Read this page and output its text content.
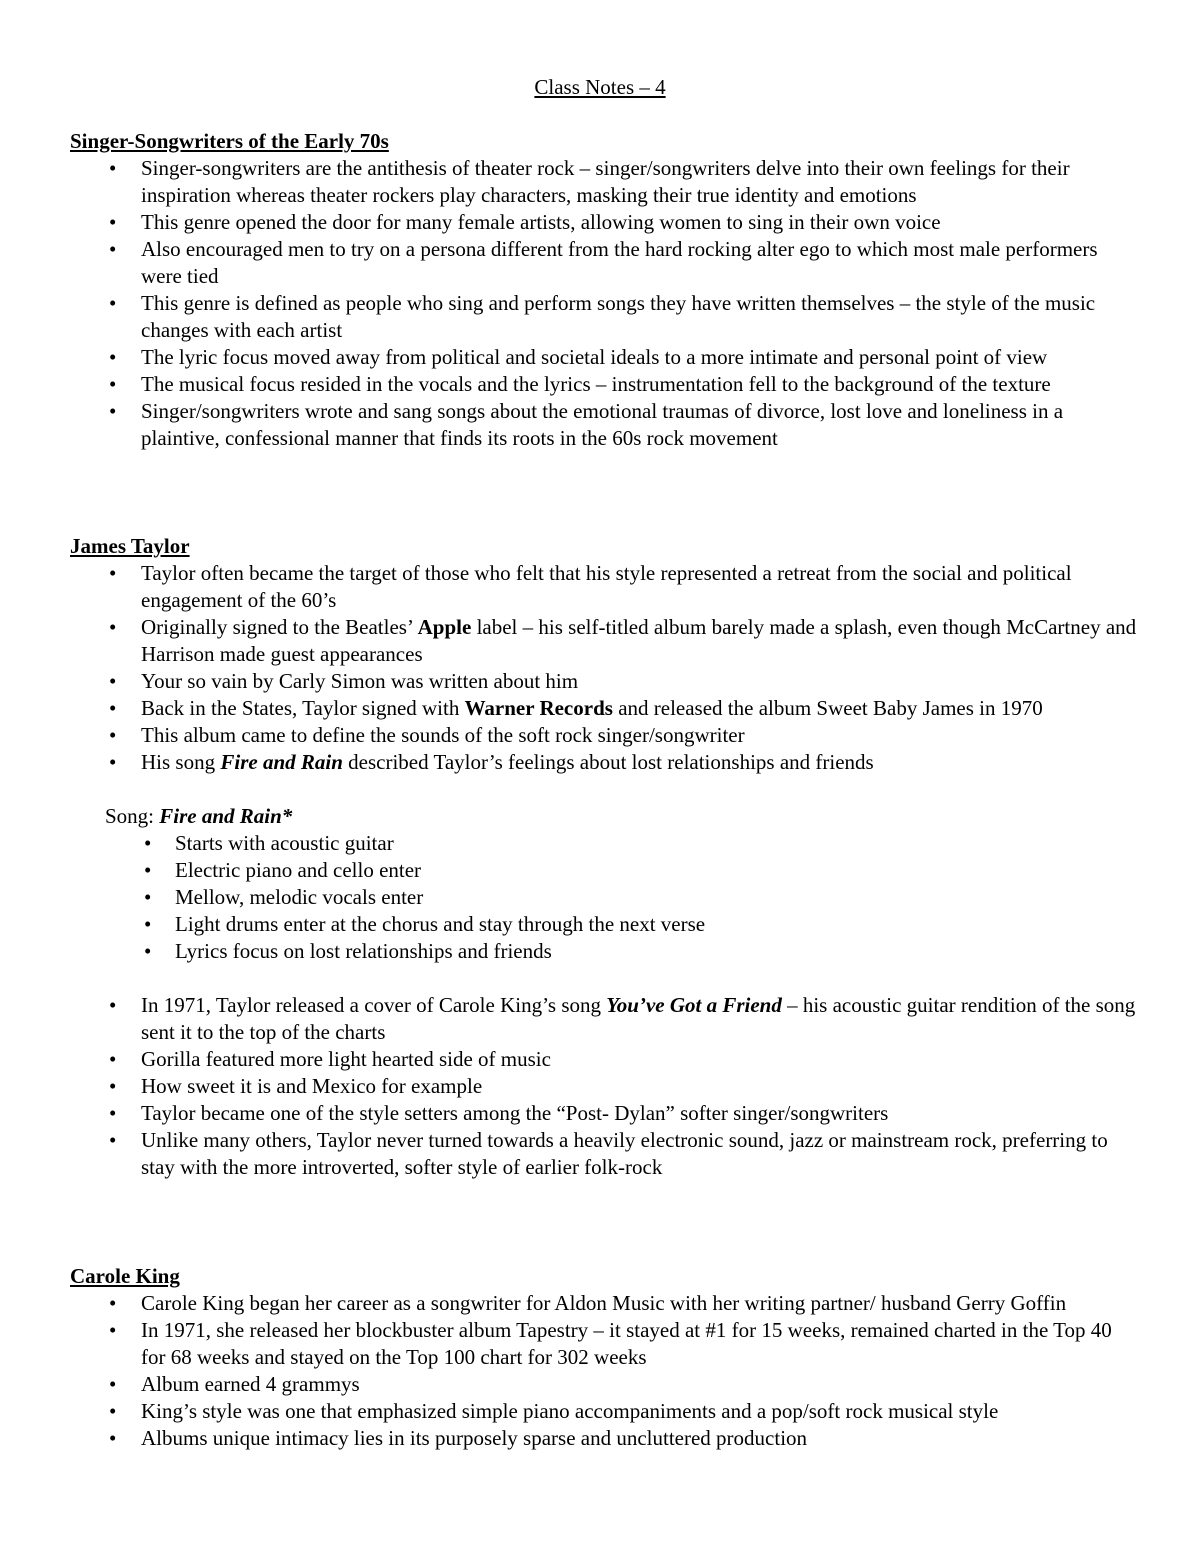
Class Notes – 4
Singer-Songwriters of the Early 70s
• Singer-songwriters are the antithesis of theater rock – singer/songwriters delve into their own feelings for their inspiration whereas theater rockers play characters, masking their true identity and emotions
• This genre opened the door for many female artists, allowing women to sing in their own voice
• Also encouraged men to try on a persona different from the hard rocking alter ego to which most male performers were tied
• This genre is defined as people who sing and perform songs they have written themselves – the style of the music changes with each artist
• The lyric focus moved away from political and societal ideals to a more intimate and personal point of view
• The musical focus resided in the vocals and the lyrics – instrumentation fell to the background of the texture
• Singer/songwriters wrote and sang songs about the emotional traumas of divorce, lost love and loneliness in a plaintive, confessional manner that finds its roots in the 60s rock movement
James Taylor
• Taylor often became the target of those who felt that his style represented a retreat from the social and political engagement of the 60’s
• Originally signed to the Beatles’ Apple label – his self-titled album barely made a splash, even though McCartney and Harrison made guest appearances
• Your so vain by Carly Simon was written about him
• Back in the States, Taylor signed with Warner Records and released the album Sweet Baby James in 1970
• This album came to define the sounds of the soft rock singer/songwriter
• His song Fire and Rain described Taylor’s feelings about lost relationships and friends
Song: Fire and Rain*
• Starts with acoustic guitar
• Electric piano and cello enter
• Mellow, melodic vocals enter
• Light drums enter at the chorus and stay through the next verse
• Lyrics focus on lost relationships and friends
• In 1971, Taylor released a cover of Carole King’s song You’ve Got a Friend – his acoustic guitar rendition of the song sent it to the top of the charts
• Gorilla featured more light hearted side of music
• How sweet it is and Mexico for example
• Taylor became one of the style setters among the “Post- Dylan” softer singer/songwriters
• Unlike many others, Taylor never turned towards a heavily electronic sound, jazz or mainstream rock, preferring to stay with the more introverted, softer style of earlier folk-rock
Carole King
• Carole King began her career as a songwriter for Aldon Music with her writing partner/ husband Gerry Goffin
• In 1971, she released her blockbuster album Tapestry – it stayed at #1 for 15 weeks, remained charted in the Top 40 for 68 weeks and stayed on the Top 100 chart for 302 weeks
• Album earned 4 grammys
• King’s style was one that emphasized simple piano accompaniments and a pop/soft rock musical style
• Albums unique intimacy lies in its purposely sparse and uncluttered production
